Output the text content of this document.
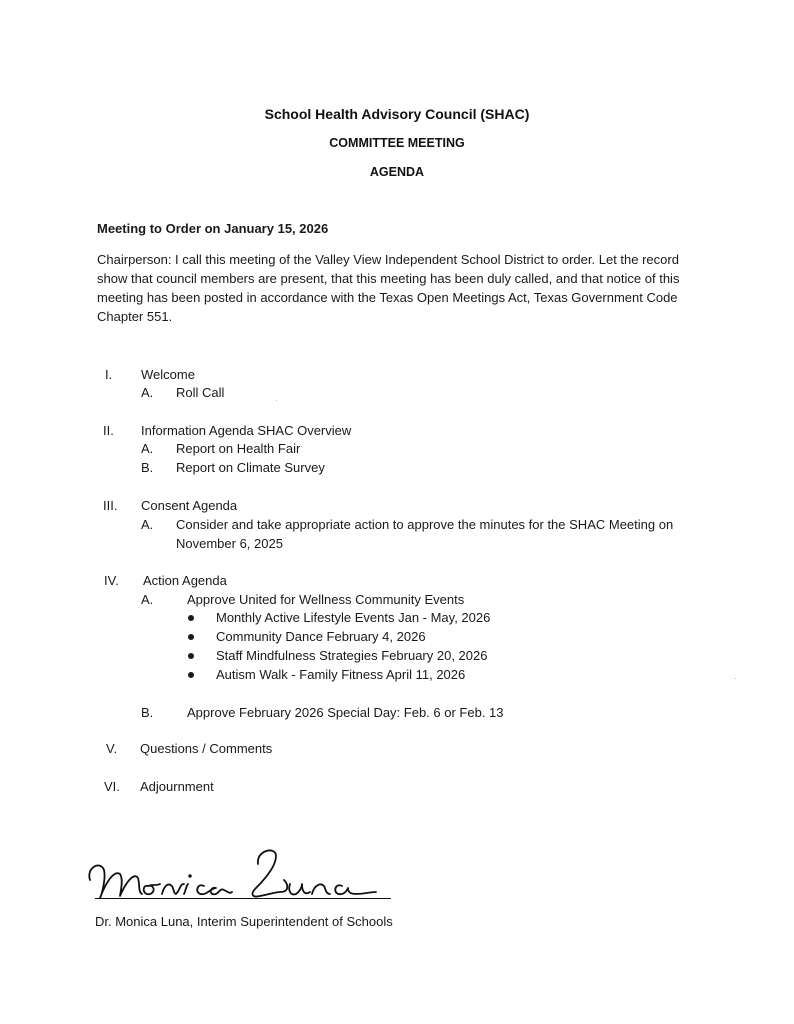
School Health Advisory Council (SHAC)
COMMITTEE MEETING
AGENDA
Meeting to Order on January 15, 2026

Chairperson: I call this meeting of the Valley View Independent School District to order. Let the record show that council members are present, that this meeting has been duly called, and that notice of this meeting has been posted in accordance with the Texas Open Meetings Act, Texas Government Code Chapter 551.

I. Welcome
A. Roll Call
II. Information Agenda SHAC Overview
A. Report on Health Fair
B. Report on Climate Survey
III. Consent Agenda
A. Consider and take appropriate action to approve the minutes for the SHAC Meeting on
November 6, 2025
IV. Action Agenda
A.	Approve United for Wellness Community Events
Monthly Active Lifestyle Events Jan - May, 2026
Community Dance February 4, 2026
Staff Mindfulness Strategies February 20, 2026
Autism Walk - Family Fitness April 11, 2026
B.	Approve February 2026 Special Day: Feb. 6 or Feb. 13
V. Questions / Comments
VI. Adjournment
Dr. Monica Luna, Interim Superintendent of Schools
